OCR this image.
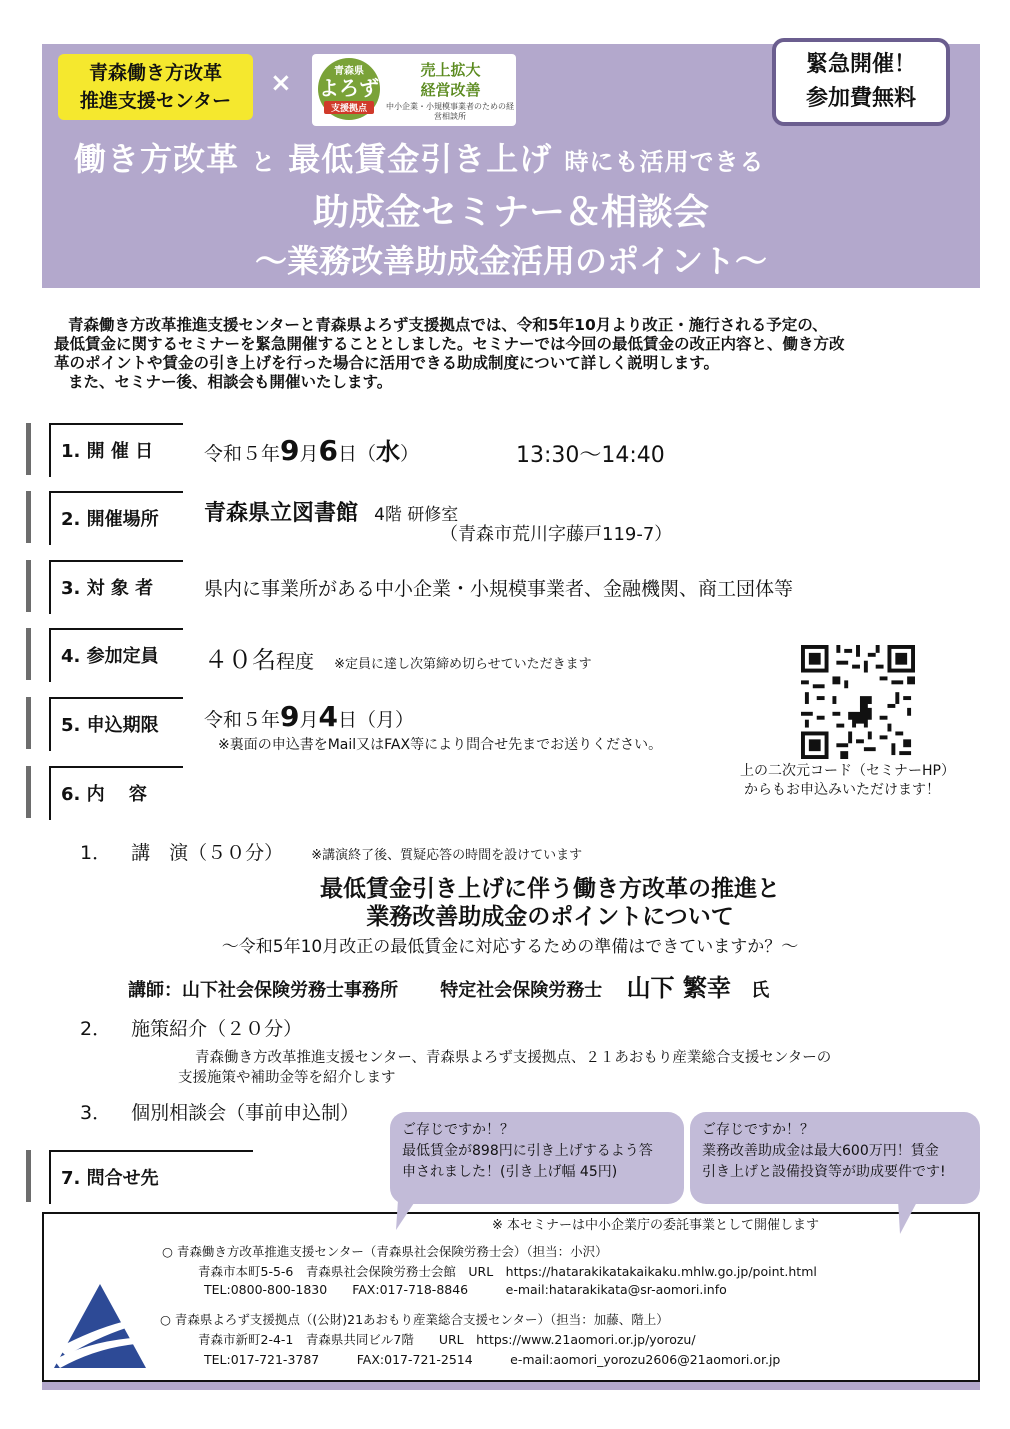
青森働き方改革
推進支援センター
×	青森県
よろず
支援拠点
売上拡大
経営改善
中小企業・小規模事業者のための経営相談所
緊急開催！
参加費無料
働き方改革 と 最低賃金引き上げ 時にも活用できる
助成金セミナー＆相談会
～業務改善助成金活用のポイント～

青森働き方改革推進支援センターと青森県よろず支援拠点では、令和5年10月より改正・施行される予定の、

最低賃金に関するセミナーを緊急開催することとしました。セミナーでは今回の最低賃金の改正内容と、働き方改

革のポイントや賃金の引き上げを行った場合に活用できる助成制度について詳しく説明します。

また、セミナー後、相談会も開催いたします。

1. 開 催 日	令和５年9月6日（水）	13:30～14:40
2. 開催場所 青森県立図書館 4階 研修室
（青森市荒川字藤戸119-7）
3. 対 象 者	県内に事業所がある中小企業・小規模事業者、金融機関、商工団体等
4. 参加定員 ４０名程度 ※定員に達し次第締め切らせていただきます
5. 申込期限 令和５年9月4日（月）
※裏面の申込書をMail又はFAX等により問合せ先までお送りください。
6. 内　 容
上の二次元コード（セミナーHP）
からもお申込みいただけます！
1． 講　演（５０分） ※講演終了後、質疑応答の時間を設けています
最低賃金引き上げに伴う働き方改革の推進と
業務改善助成金のポイントについて
～令和5年10月改正の最低賃金に対応するための準備はできていますか？～
講師：山下社会保険労務士事務所 特定社会保険労務士 山下 繁幸 氏
2． 施策紹介（２０分）
青森働き方改革推進支援センター、青森県よろず支援拠点、２１あおもり産業総合支援センターの
支援施策や補助金等を紹介します
3． 個別相談会（事前申込制）
7. 問合せ先
ご存じですか！？
最低賃金が898円に引き上げするよう答
申されました！(引き上げ幅 45円)
ご存じですか！？
業務改善助成金は最大600万円！賃金
引き上げと設備投資等が助成要件です!
※ 本セミナーは中小企業庁の委託事業として開催します
○ 青森働き方改革推進支援センター（青森県社会保険労務士会）（担当：小沢）
青森市本町5-5-6　青森県社会保険労務士会館　URL　https://hatarakikatakaikaku.mhlw.go.jp/point.html
TEL:0800-800-1830　　FAX:017-718-8846　　　e-mail:hatarakikata@sr-aomori.info
○ 青森県よろず支援拠点（(公財)21あおもり産業総合支援センター）（担当：加藤、階上）
青森市新町2-4-1　青森県共同ビル7階　　URL　https://www.21aomori.or.jp/yorozu/
TEL:017-721-3787　　　FAX:017-721-2514　　　e-mail:aomori_yorozu2606@21aomori.or.jp
21
